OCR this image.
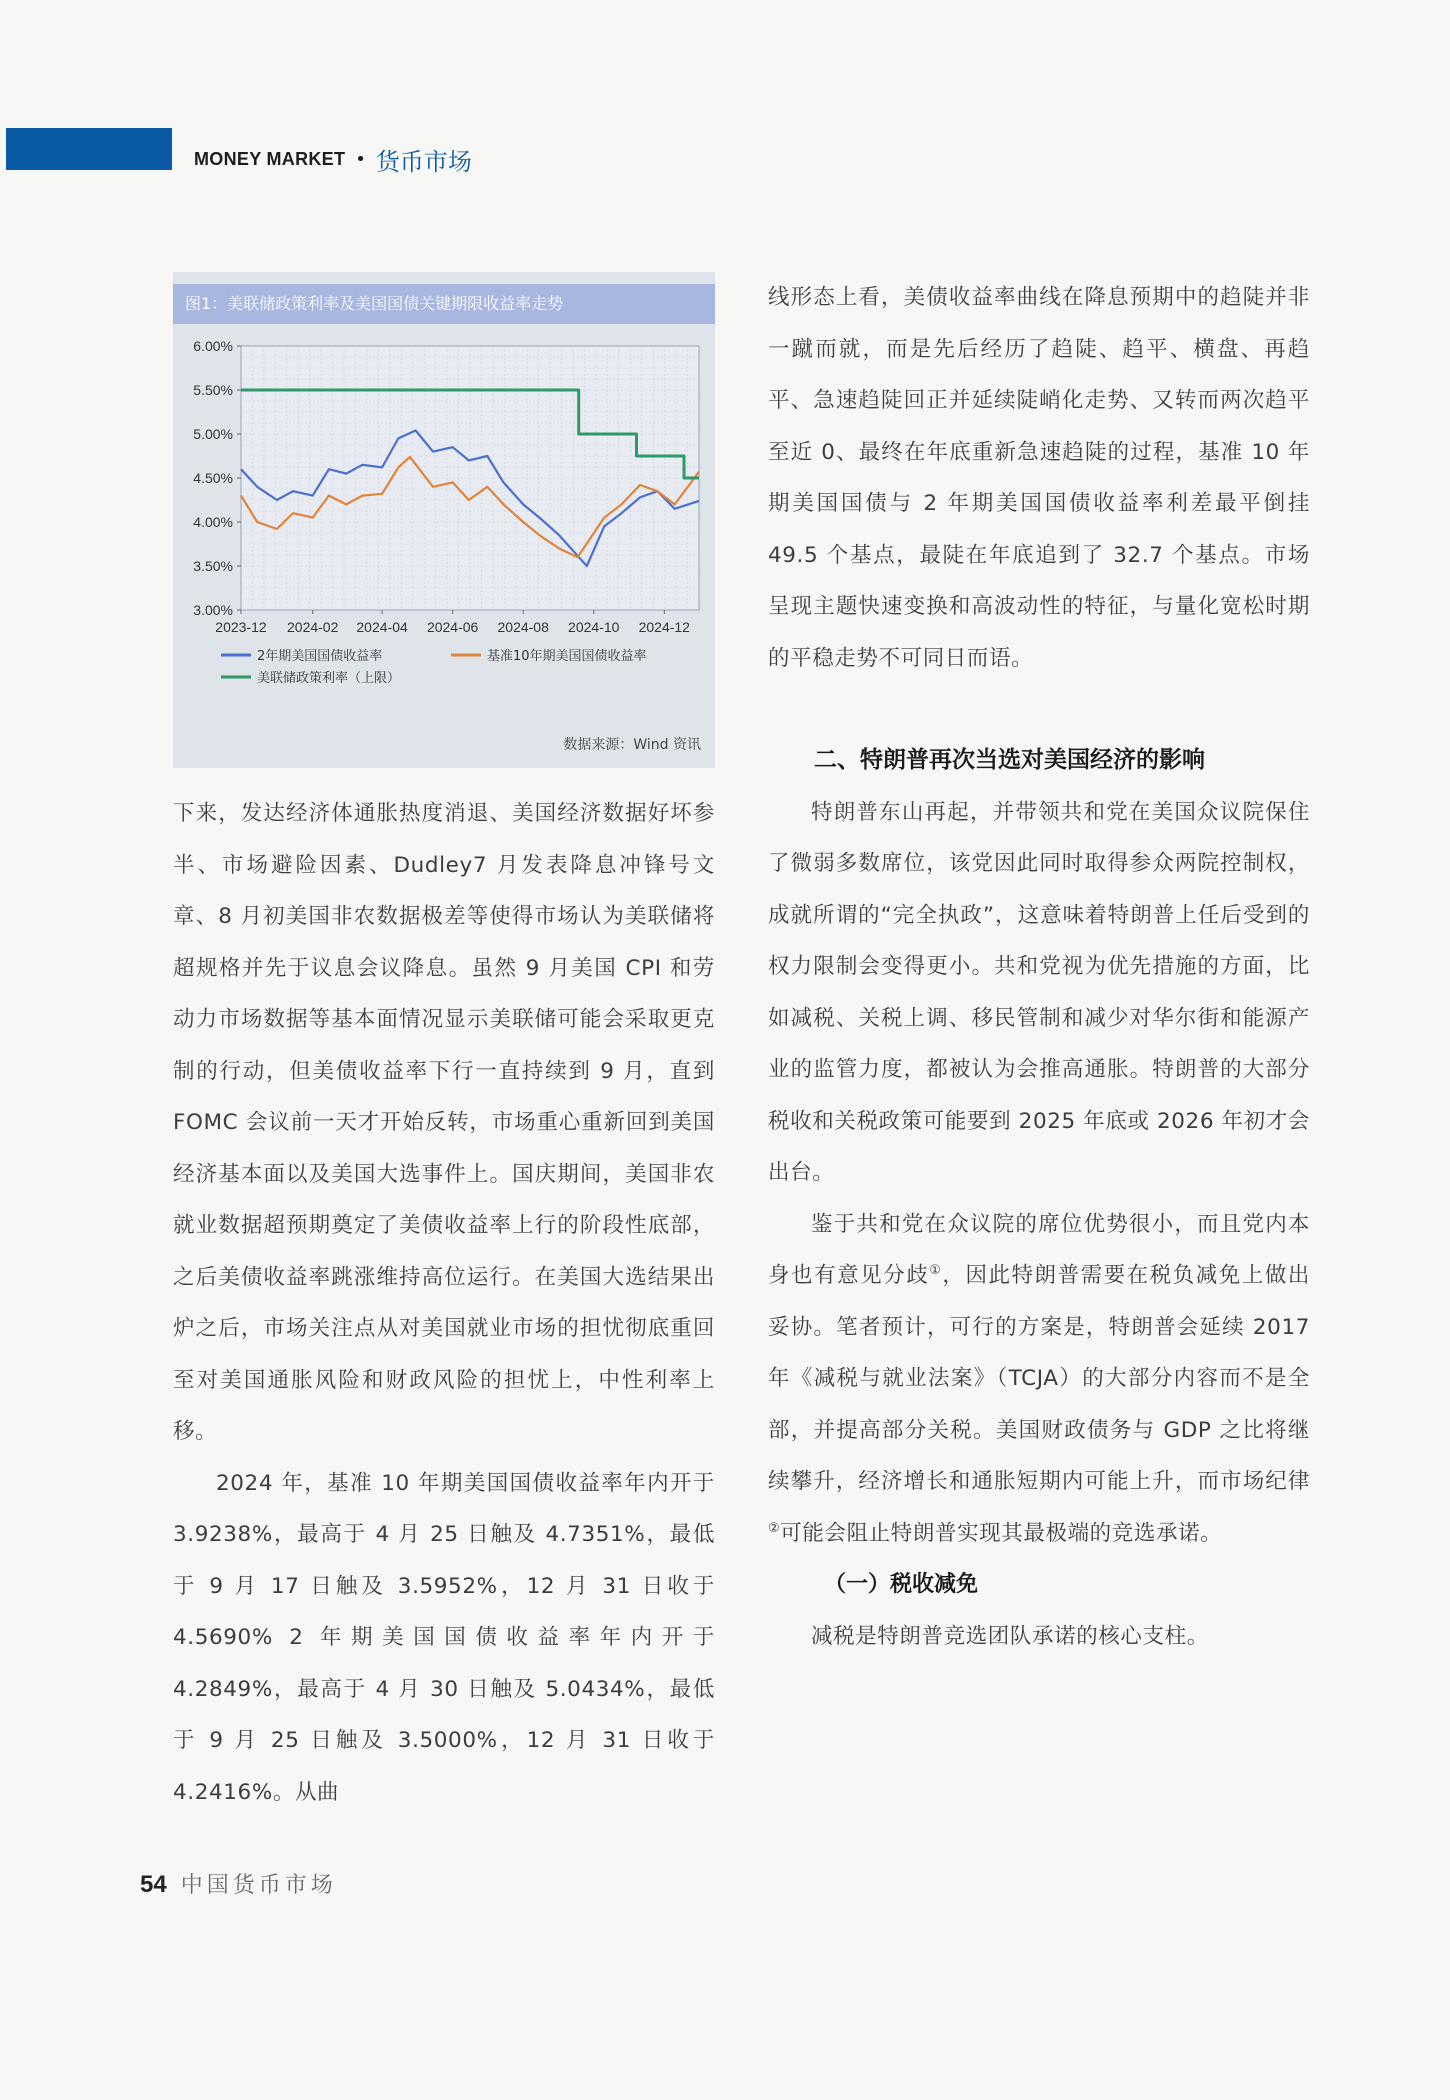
MONEY MARKET • 货币市场
图1：美联储政策利率及美国国债关键期限收益率走势
6.00%
5.50%
5.00%
4.50%
4.00%
3.50%
3.00%
2023-12 2024-02 2024-04 2024-06 2024-08 2024-10 2024-12
2年期美国国债收益率	基准10年期美国国债收益率
美联储政策利率（上限）
数据来源：Wind 资讯

下来，发达经济体通胀热度消退、美国经济数据好坏参半、市场避险因素、Dudley7 月发表降息冲锋号文章、8 月初美国非农数据极差等使得市场认为美联储将超规格并先于议息会议降息。虽然 9 月美国 CPI 和劳动力市场数据等基本面情况显示美联储可能会采取更克制的行动，但美债收益率下行一直持续到 9 月，直到 FOMC 会议前一天才开始反转，市场重心重新回到美国经济基本面以及美国大选事件上。国庆期间，美国非农就业数据超预期奠定了美债收益率上行的阶段性底部，之后美债收益率跳涨维持高位运行。在美国大选结果出炉之后，市场关注点从对美国就业市场的担忧彻底重回至对美国通胀风险和财政风险的担忧上，中性利率上移。

2024 年，基准 10 年期美国国债收益率年内开于 3.9238%，最高于 4 月 25 日触及 4.7351%，最低于 9 月 17 日触及 3.5952%，12 月 31 日收于 4.5690% 2 年期美国国债收益率年内开于 4.2849%，最高于 4 月 30 日触及 5.0434%，最低于 9 月 25 日触及 3.5000%，12 月 31 日收于 4.2416%。从曲

线形态上看，美债收益率曲线在降息预期中的趋陡并非一蹴而就，而是先后经历了趋陡、趋平、横盘、再趋平、急速趋陡回正并延续陡峭化走势、又转而两次趋平至近 0、最终在年底重新急速趋陡的过程，基准 10 年期美国国债与 2 年期美国国债收益率利差最平倒挂 49.5 个基点，最陡在年底追到了 32.7 个基点。市场呈现主题快速变换和高波动性的特征，与量化宽松时期的平稳走势不可同日而语。

二、特朗普再次当选对美国经济的影响

特朗普东山再起，并带领共和党在美国众议院保住了微弱多数席位，该党因此同时取得参众两院控制权，成就所谓的“完全执政”，这意味着特朗普上任后受到的权力限制会变得更小。共和党视为优先措施的方面，比如减税、关税上调、移民管制和减少对华尔街和能源产业的监管力度，都被认为会推高通胀。特朗普的大部分税收和关税政策可能要到 2025 年底或 2026 年初才会出台。

鉴于共和党在众议院的席位优势很小，而且党内本身也有意见分歧①，因此特朗普需要在税负减免上做出妥协。笔者预计，可行的方案是，特朗普会延续 2017 年《减税与就业法案》（TCJA）的大部分内容而不是全部，并提高部分关税。美国财政债务与 GDP 之比将继续攀升，经济增长和通胀短期内可能上升，而市场纪律②可能会阻止特朗普实现其最极端的竞选承诺。

（一）税收减免

减税是特朗普竞选团队承诺的核心支柱。

54 中国货币市场
